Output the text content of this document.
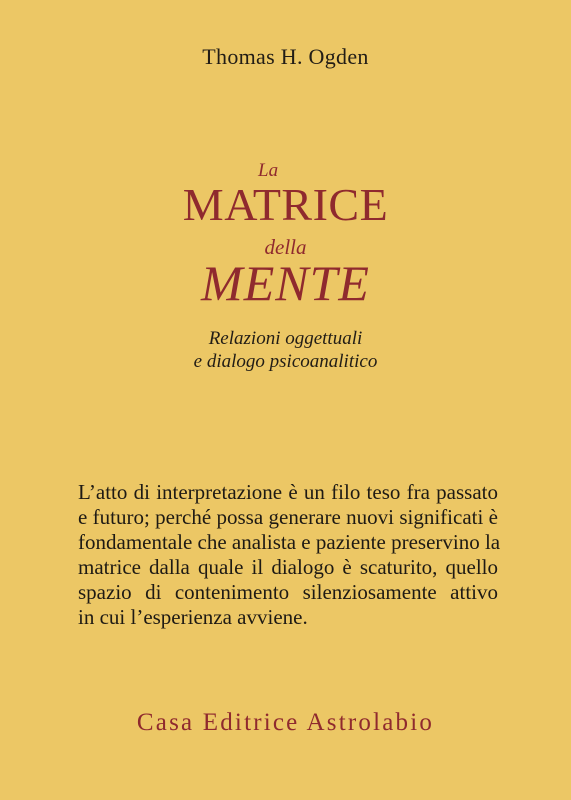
Thomas H. Ogden
La
MATRICE
della
MENTE
Relazioni oggettuali
e dialogo psicoanalitico
L’atto di interpretazione è un filo teso fra passato
e futuro; perché possa generare nuovi significati è
fondamentale che analista e paziente preservino la
matrice dalla quale il dialogo è scaturito, quello
spazio di contenimento silenziosamente attivo
in cui l’esperienza avviene.
Casa Editrice Astrolabio
